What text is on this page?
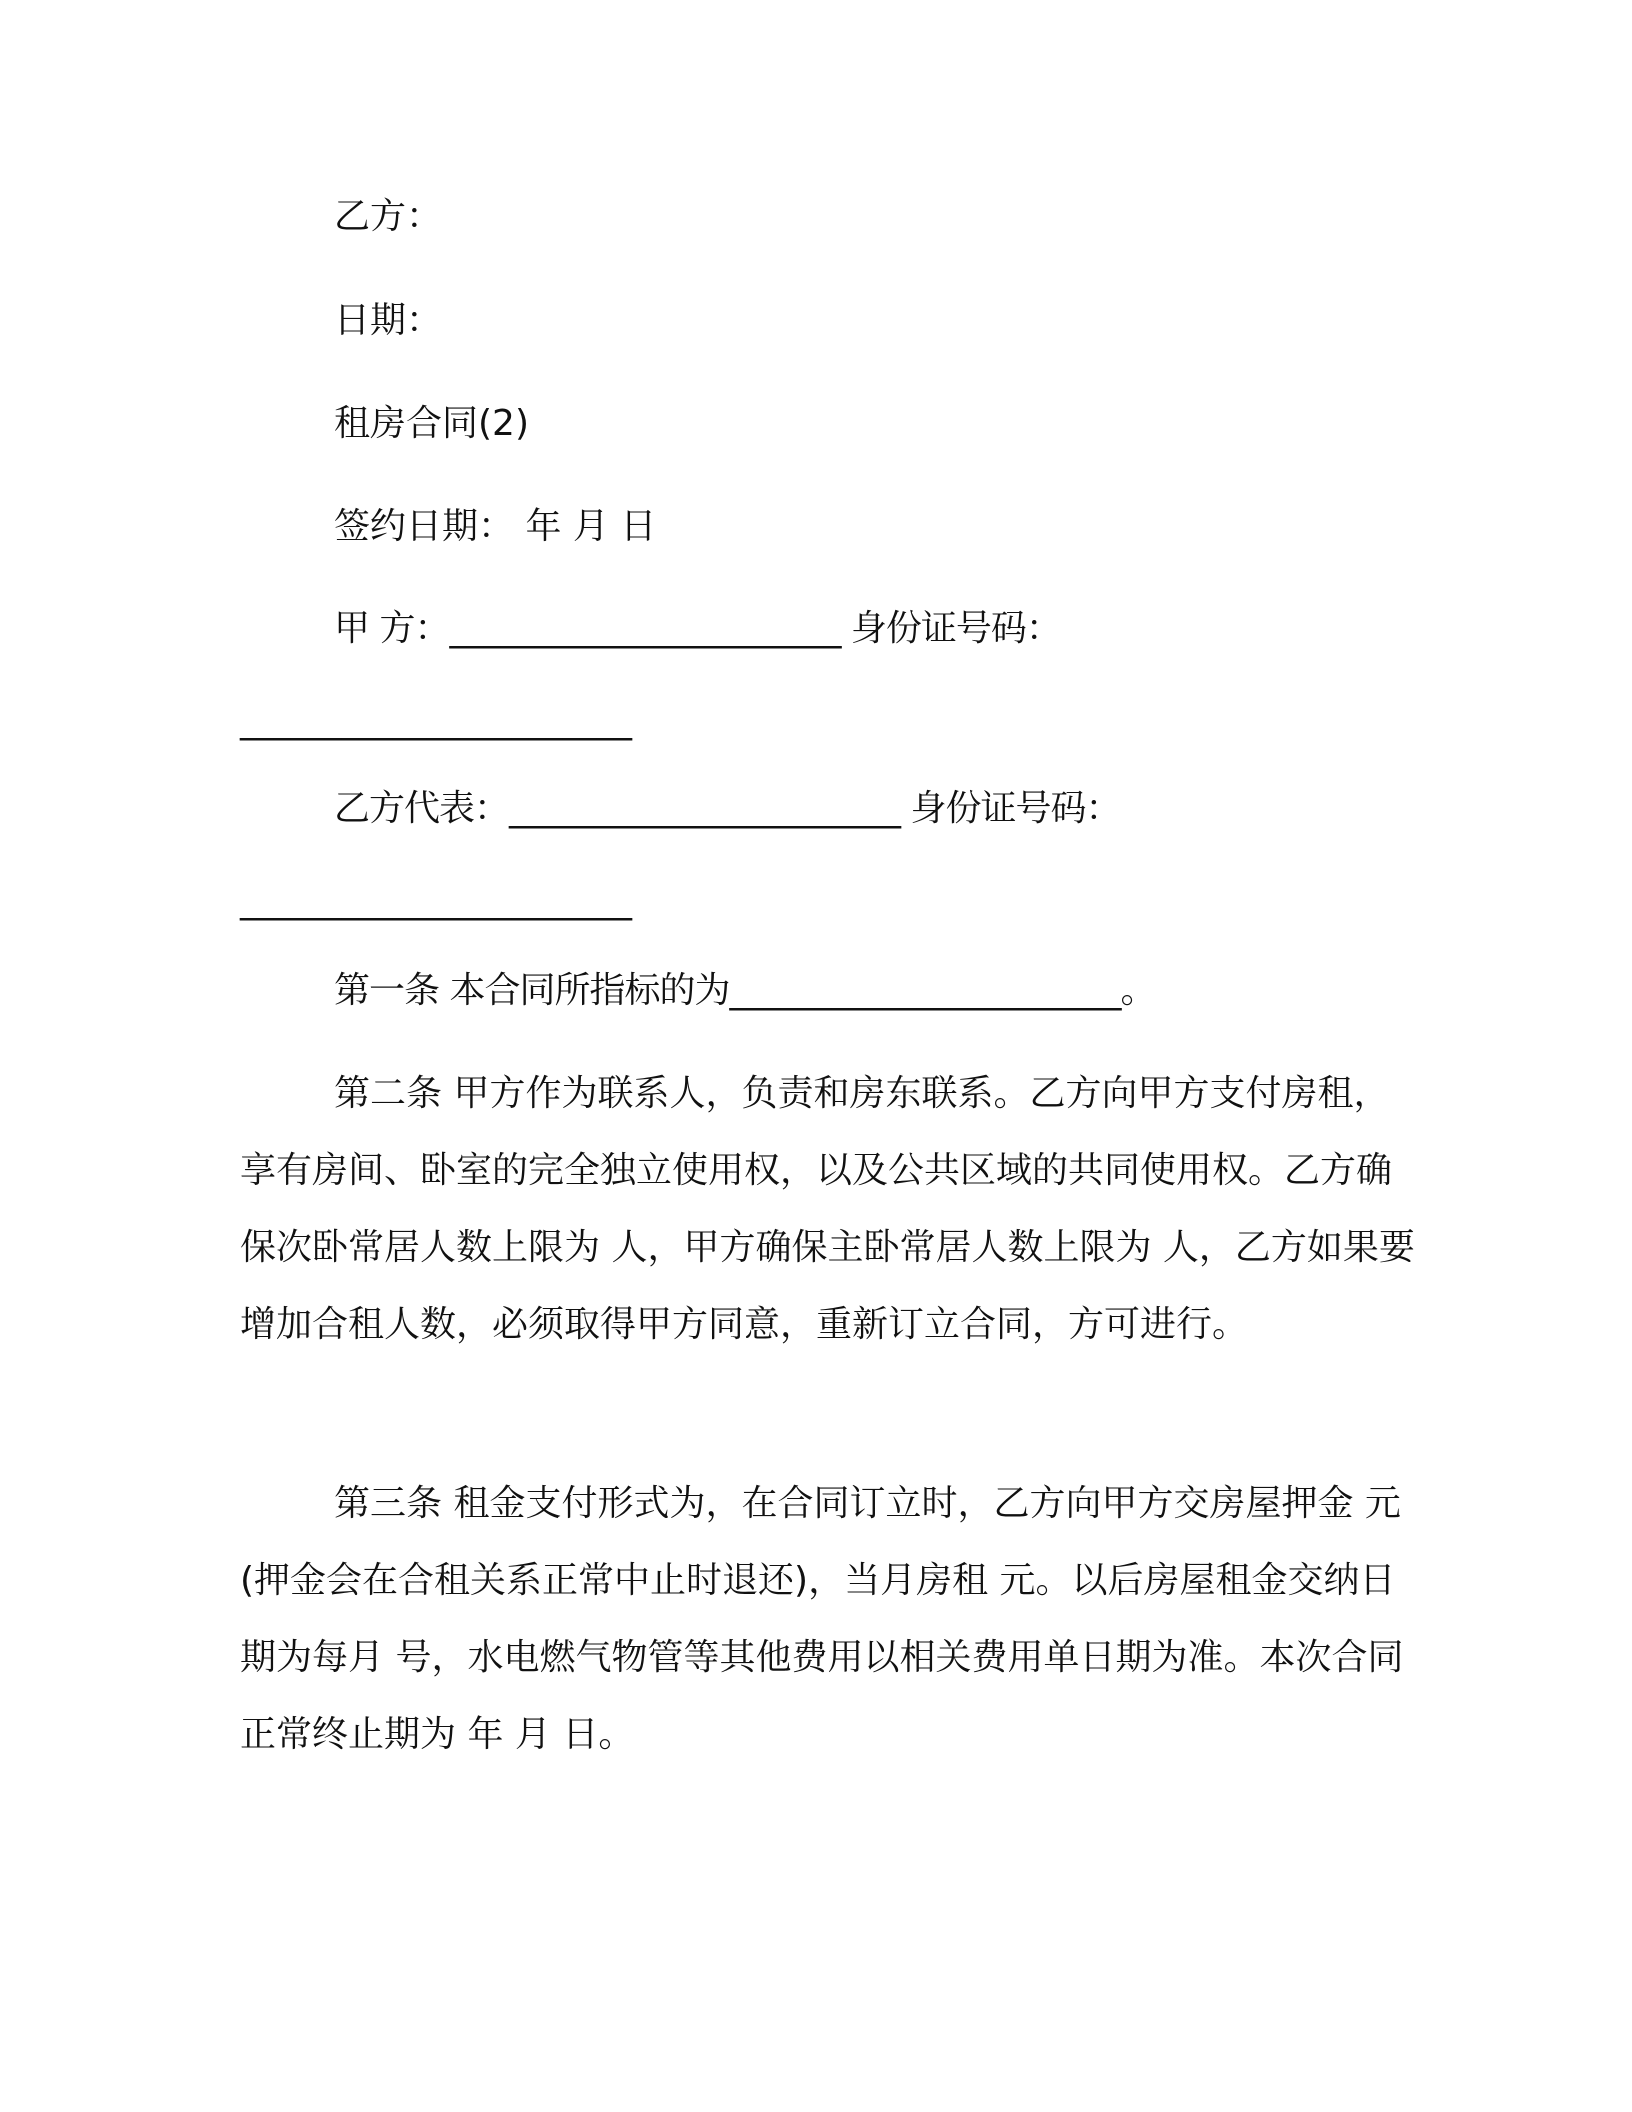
乙方：
日期：
租房合同(2)
签约日期： 年 月 日
甲 方：_______________________ 身份证号码：
_______________________
乙方代表：_______________________ 身份证号码：
_______________________
第一条 本合同所指标的为_______________________。
第二条 甲方作为联系人，负责和房东联系。乙方向甲方支付房租，享有房间、卧室的完全独立使用权，以及公共区域的共同使用权。乙方确保次卧常居人数上限为 人，甲方确保主卧常居人数上限为 人，乙方如果要增加合租人数，必须取得甲方同意，重新订立合同，方可进行。
第三条 租金支付形式为，在合同订立时，乙方向甲方交房屋押金 元(押金会在合租关系正常中止时退还)，当月房租 元。以后房屋租金交纳日期为每月 号，水电燃气物管等其他费用以相关费用单日期为准。本次合同正常终止期为 年 月 日。
